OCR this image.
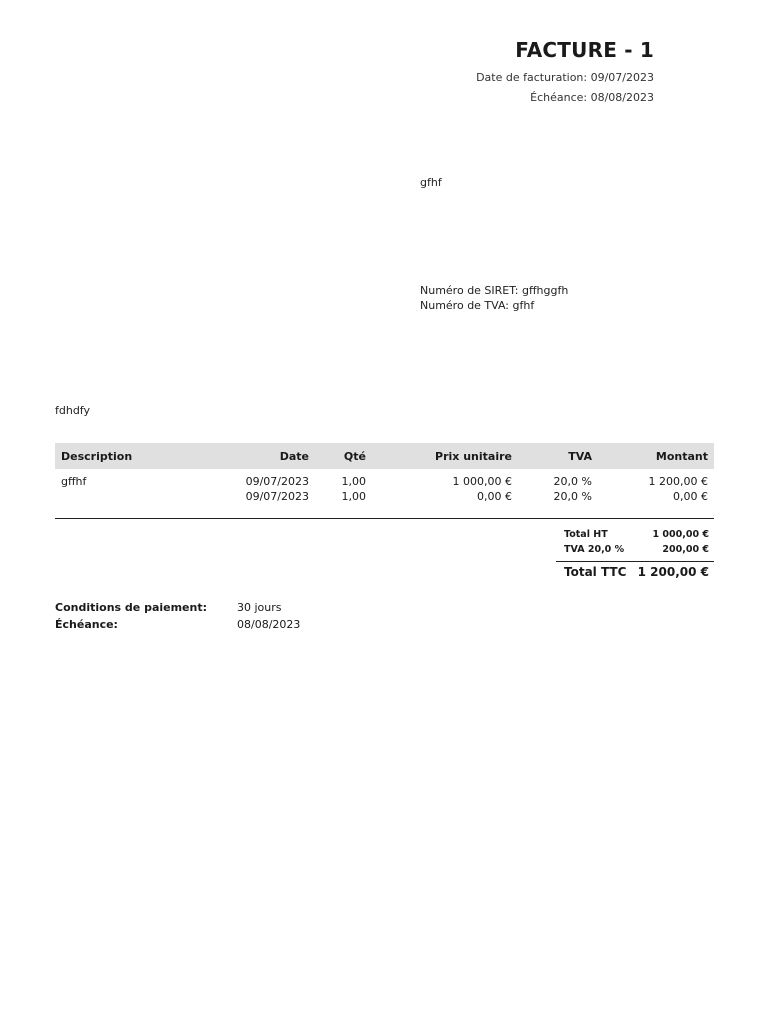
FACTURE - 1
Date de facturation: 09/07/2023
Échéance: 08/08/2023
gfhf
Numéro de SIRET: gffhggfh
Numéro de TVA: gfhf
fdhdfy
Description	Date	Qté	Prix unitaire	TVA	Montant
gffhf	09/07/2023	1,00	1 000,00 €	20,0 %	1 200,00 €
	09/07/2023	1,00	0,00 €	20,0 %	0,00 €
Total HT	1 000,00 €
TVA 20,0 %	200,00 €
Total TTC 1 200,00 €
Conditions de paiement:	30 jours
Échéance:	08/08/2023
